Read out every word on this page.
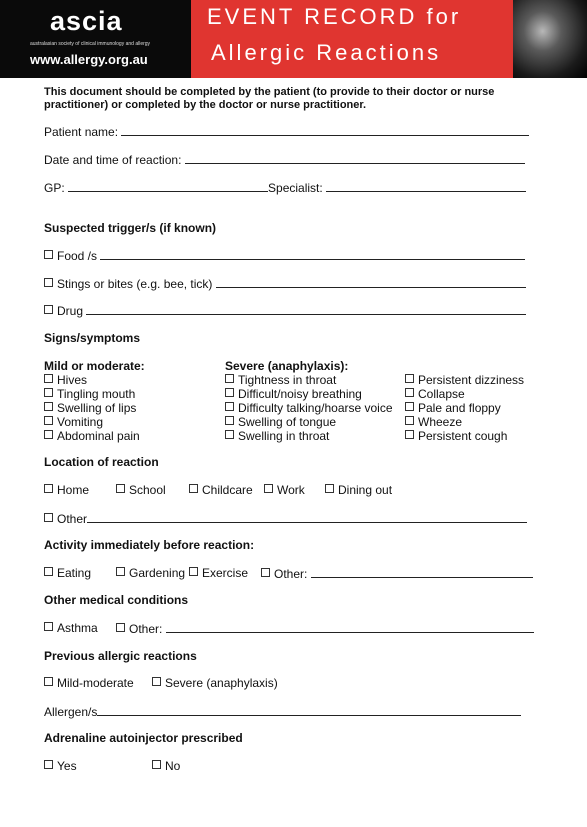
ascia
australasian society of clinical immunology and allergy
www.allergy.org.au
EVENT RECORD for
Allergic Reactions
This document should be completed by the patient (to provide to their doctor or nurse practitioner) or completed by the doctor or nurse practitioner.
Patient name:
Date and time of reaction:
GP:	Specialist:
Suspected trigger/s (if known)
Food /s
Stings or bites (e.g. bee, tick)
Drug
Signs/symptoms
Mild or moderate:
Hives
Tingling mouth
Swelling of lips
Vomiting
Abdominal pain
Severe (anaphylaxis):
Tightness in throat
Difficult/noisy breathing
Difficulty talking/hoarse voice
Swelling of tongue
Swelling in throat
Persistent dizziness
Collapse
Pale and floppy
Wheeze
Persistent cough
Location of reaction
Home	School	Childcare	Work	Dining out
Other
Activity immediately before reaction:
Eating	Gardening	Exercise	Other:
Other medical conditions
Asthma	Other:
Previous allergic reactions
Mild-moderate	Severe (anaphylaxis)
Allergen/s
Adrenaline autoinjector prescribed
Yes	No
